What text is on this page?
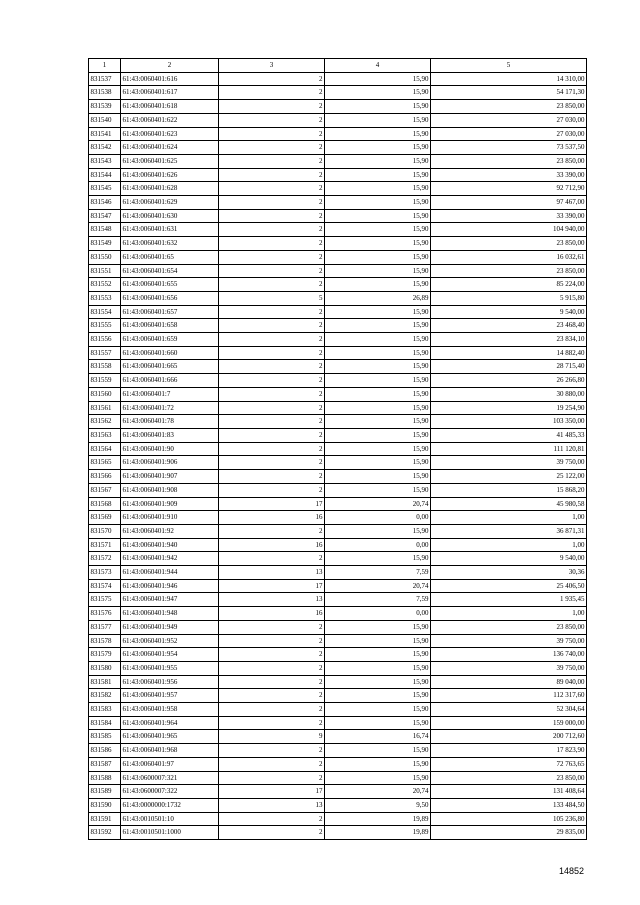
1	2	3	4	5
831537	61:43:0060401:616	2	15,90	14 310,00
831538	61:43:0060401:617	2	15,90	54 171,30
831539	61:43:0060401:618	2	15,90	23 850,00
831540	61:43:0060401:622	2	15,90	27 030,00
831541	61:43:0060401:623	2	15,90	27 030,00
831542	61:43:0060401:624	2	15,90	73 537,50
831543	61:43:0060401:625	2	15,90	23 850,00
831544	61:43:0060401:626	2	15,90	33 390,00
831545	61:43:0060401:628	2	15,90	92 712,90
831546	61:43:0060401:629	2	15,90	97 467,00
831547	61:43:0060401:630	2	15,90	33 390,00
831548	61:43:0060401:631	2	15,90	104 940,00
831549	61:43:0060401:632	2	15,90	23 850,00
831550	61:43:0060401:65	2	15,90	16 032,61
831551	61:43:0060401:654	2	15,90	23 850,00
831552	61:43:0060401:655	2	15,90	85 224,00
831553	61:43:0060401:656	5	26,89	5 915,80
831554	61:43:0060401:657	2	15,90	9 540,00
831555	61:43:0060401:658	2	15,90	23 468,40
831556	61:43:0060401:659	2	15,90	23 834,10
831557	61:43:0060401:660	2	15,90	14 882,40
831558	61:43:0060401:665	2	15,90	28 715,40
831559	61:43:0060401:666	2	15,90	26 266,80
831560	61:43:0060401:7	2	15,90	30 880,00
831561	61:43:0060401:72	2	15,90	19 254,90
831562	61:43:0060401:78	2	15,90	103 350,00
831563	61:43:0060401:83	2	15,90	41 485,33
831564	61:43:0060401:90	2	15,90	111 120,81
831565	61:43:0060401:906	2	15,90	39 750,00
831566	61:43:0060401:907	2	15,90	25 122,00
831567	61:43:0060401:908	2	15,90	15 868,20
831568	61:43:0060401:909	17	20,74	45 980,58
831569	61:43:0060401:910	16	0,00	1,00
831570	61:43:0060401:92	2	15,90	36 871,31
831571	61:43:0060401:940	16	0,00	1,00
831572	61:43:0060401:942	2	15,90	9 540,00
831573	61:43:0060401:944	13	7,59	30,36
831574	61:43:0060401:946	17	20,74	25 406,50
831575	61:43:0060401:947	13	7,59	1 935,45
831576	61:43:0060401:948	16	0,00	1,00
831577	61:43:0060401:949	2	15,90	23 850,00
831578	61:43:0060401:952	2	15,90	39 750,00
831579	61:43:0060401:954	2	15,90	136 740,00
831580	61:43:0060401:955	2	15,90	39 750,00
831581	61:43:0060401:956	2	15,90	89 040,00
831582	61:43:0060401:957	2	15,90	112 317,60
831583	61:43:0060401:958	2	15,90	52 304,64
831584	61:43:0060401:964	2	15,90	159 000,00
831585	61:43:0060401:965	9	16,74	200 712,60
831586	61:43:0060401:968	2	15,90	17 823,90
831587	61:43:0060401:97	2	15,90	72 763,65
831588	61:43:0600007:321	2	15,90	23 850,00
831589	61:43:0600007:322	17	20,74	131 408,64
831590	61:43:0000000:1732	13	9,50	133 484,50
831591	61:43:0010501:10	2	19,89	105 236,80
831592	61:43:0010501:1000	2	19,89	29 835,00
14852
